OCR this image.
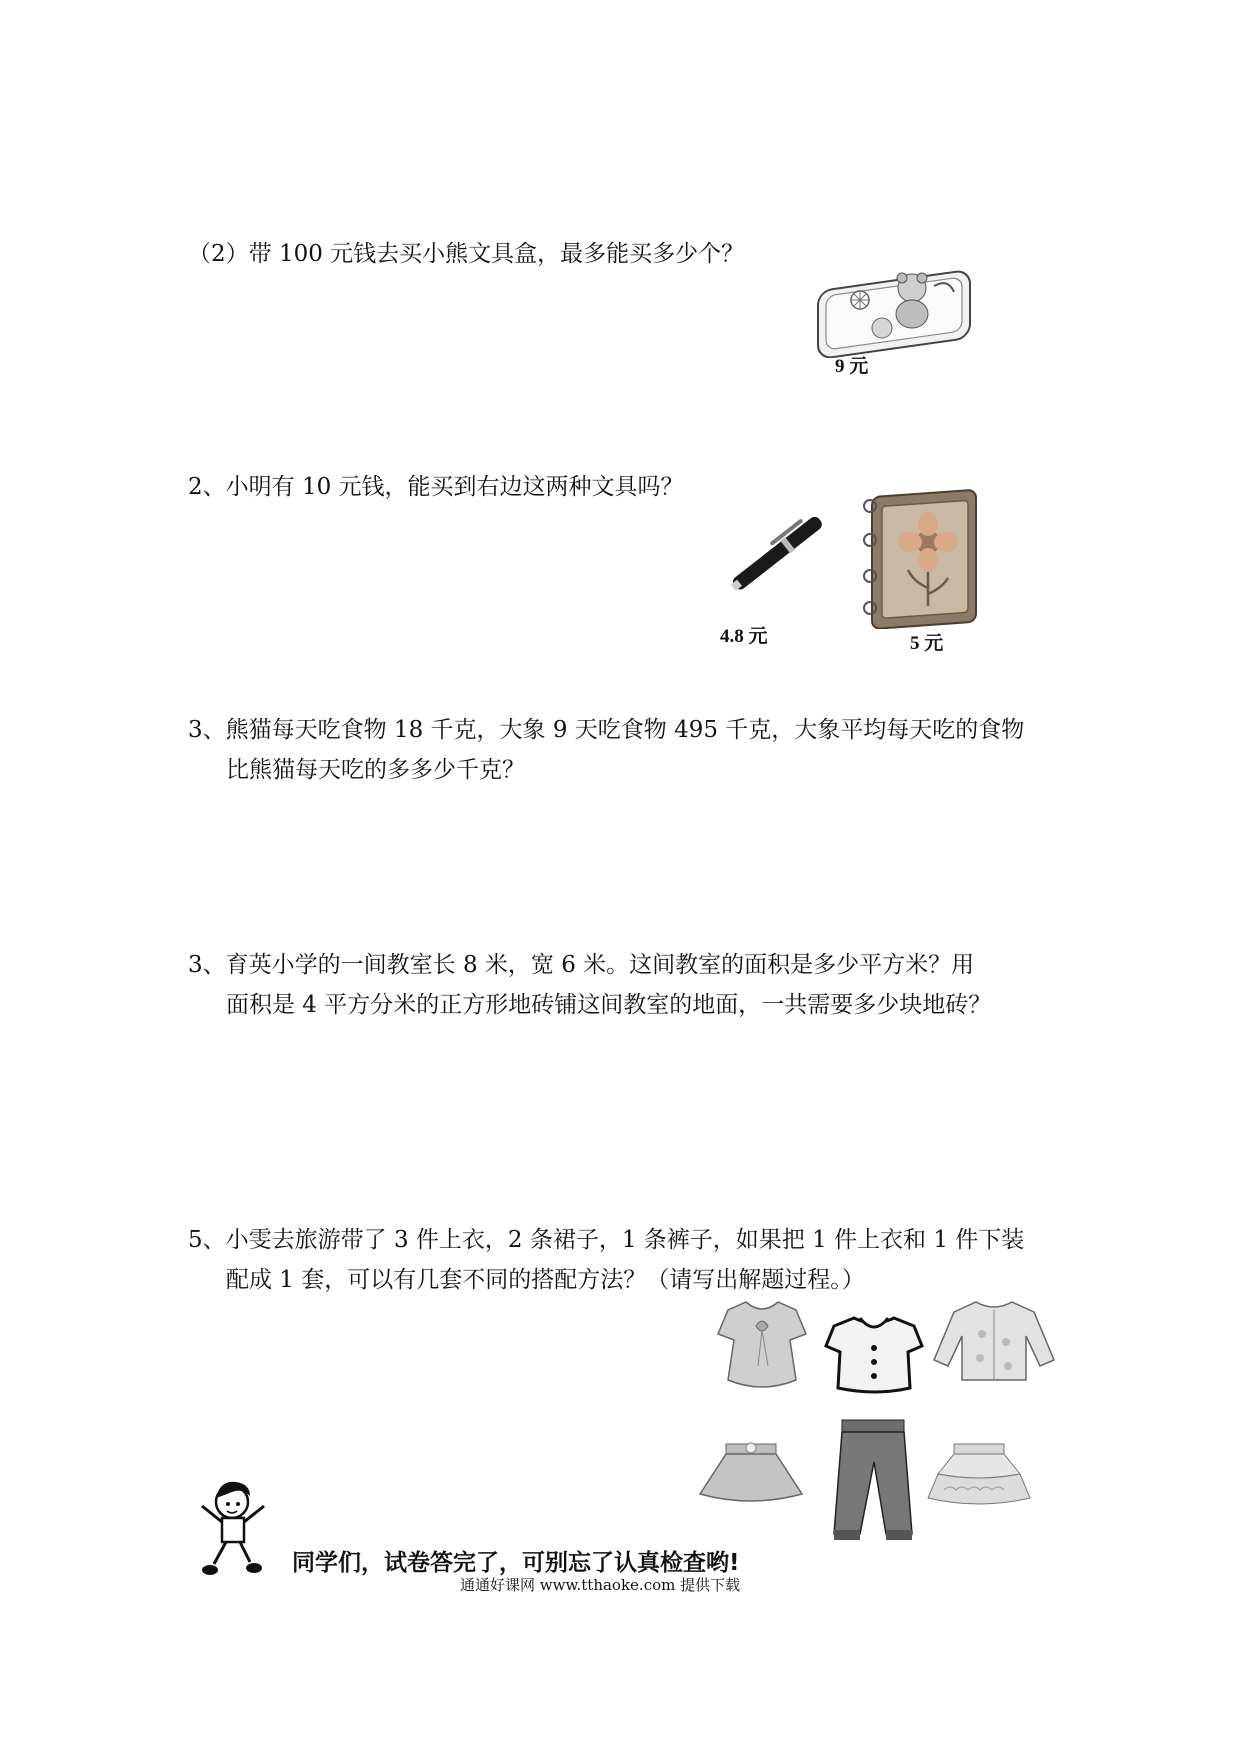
（2）带 100 元钱去买小熊文具盒，最多能买多少个？
9 元
2、小明有 10 元钱，能买到右边这两种文具吗？
4.8 元	5 元
3、熊猫每天吃食物 18 千克，大象 9 天吃食物 495 千克，大象平均每天吃的食物
比熊猫每天吃的多多少千克？
3、育英小学的一间教室长 8 米，宽 6 米。这间教室的面积是多少平方米？用
面积是 4 平方分米的正方形地砖铺这间教室的地面，一共需要多少块地砖？
5、小雯去旅游带了 3 件上衣，2 条裙子，1 条裤子，如果把 1 件上衣和 1 件下装
配成 1 套，可以有几套不同的搭配方法？（请写出解题过程。）
同学们，试卷答完了，可别忘了认真检查哟!
通通好课网 www.tthaoke.com 提供下载
